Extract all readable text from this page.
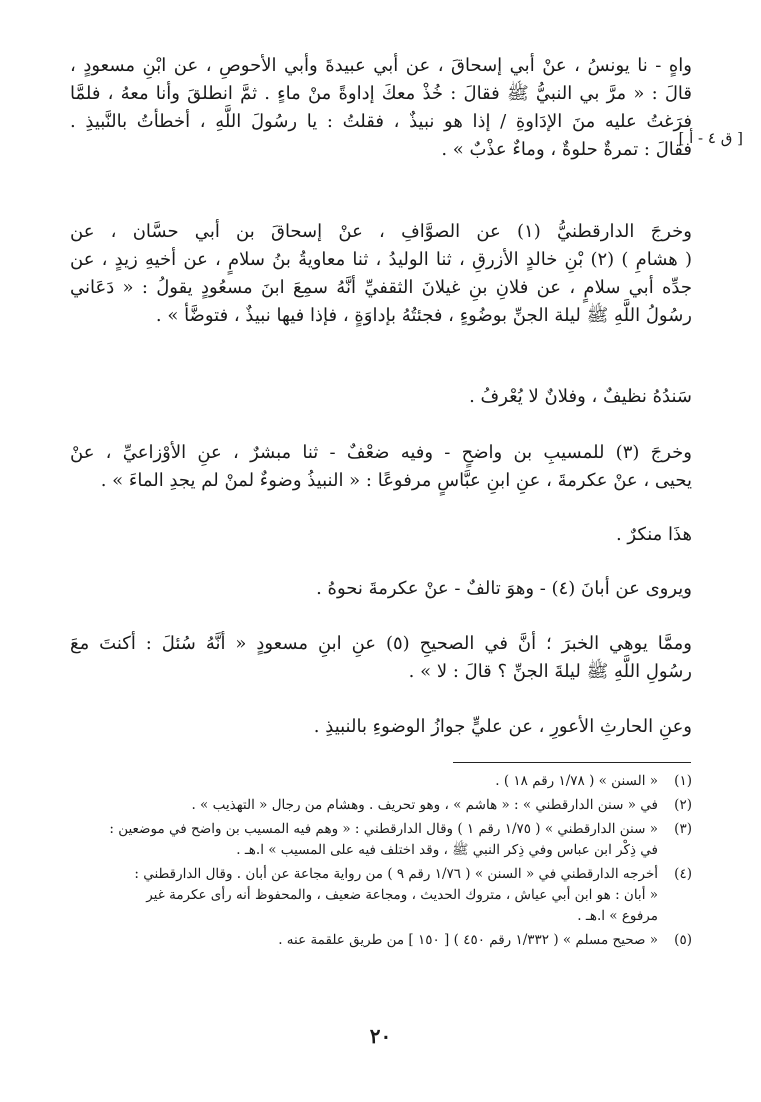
واهٍ - نا يونسُ ، عنْ أبي إسحاقَ ، عن أبي عبيدةَ وأبي الأحوصِ ، عن ابْنِ مسعودٍ ،

قالَ : « مرَّ بي النبيُّ ﷺ فقالَ : خُذْ معكَ إداوةً منْ ماءٍ . ثمَّ انطلقَ وأنا معهُ ، فلمَّا

فرَغتُ عليه منَ الإدَاوةِ / إذا هو نبيذٌ ، فقلتُ : يا رسُولَ اللَّهِ ، أخطأتُ بالنَّبيذِ .

فقالَ : تمرةٌ حلوةٌ ، وماءٌ عذْبٌ » .

وخرجَ الدارقطنيُّ (١) عن الصوَّافِ ، عنْ إسحاقَ بن أبي حسَّان ، عن

( هشامِ ) (٢) بْنِ خالدٍ الأزرقِ ، ثنا الوليدُ ، ثنا معاويةُ بنُ سلامٍ ، عن أخيهِ زيدٍ ، عن

جدِّه أبي سلامٍ ، عن فلانِ بنِ غيلانَ الثقفيِّ أنَّهُ سمِعَ ابنَ مسعُودٍ يقولُ : « دَعَاني

رسُولُ اللَّهِ ﷺ ليلة الجنِّ بوضُوءٍ ، فجئتُهُ بإداوَةٍ ، فإذا فيها نبيذٌ ، فتوضَّأ » .

سَندُهُ نظيفٌ ، وفلانٌ لا يُعْرفُ .

وخرجَ (٣) للمسيبِ بن واضحٍ - وفيه ضعْفٌ - ثنا مبشرٌ ، عنِ الأوْزاعيِّ ، عنْ

يحيى ، عنْ عكرمةَ ، عنِ ابنِ عبَّاسٍ مرفوعًا : « النبيذُ وضوءٌ لمنْ لم يجدِ الماءَ » .

هذَا منكرٌ .

ويروى عن أبانَ (٤) - وهوَ تالفٌ - عنْ عكرمةَ نحوهُ .

وممَّا يوهي الخبرَ ؛ أنَّ في الصحيحِ (٥) عنِ ابنِ مسعودٍ « أنَّهُ سُئلَ : أكنتَ معَ

رسُولِ اللَّهِ ﷺ ليلةَ الجنِّ ؟ قالَ : لا » .

وعنِ الحارثِ الأعورِ ، عن عليٍّ جوازُ الوضوءِ بالنبيذِ .

[ ق ٤ - أ ]
(١)
« السنن » ( ١/٧٨ رقم ١٨ ) .
(٢)
في « سنن الدارقطني » : « هاشم » ، وهو تحريف . وهشام من رجال « التهذيب » .
(٣)
« سنن الدارقطني » ( ١/٧٥ رقم ١ ) وقال الدارقطني : « وهم فيه المسيب بن واضح في موضعين :
في ذِكْر ابن عباس وفي ذِكر النبي ﷺ ، وقد اختلف فيه على المسيب » ا.هـ .
(٤)
أخرجه الدارقطني في « السنن » ( ١/٧٦ رقم ٩ ) من رواية مجاعة عن أبان . وقال الدارقطني :
« أبان : هو ابن أبي عياش ، متروك الحديث ، ومجاعة ضعيف ، والمحفوظ أنه رأى عكرمة غير
مرفوع » ا.هـ .
(٥)
« صحيح مسلم » ( ١/٣٣٢ رقم ٤٥٠ ) [ ١٥٠ ] من طريق علقمة عنه .
٢٠
